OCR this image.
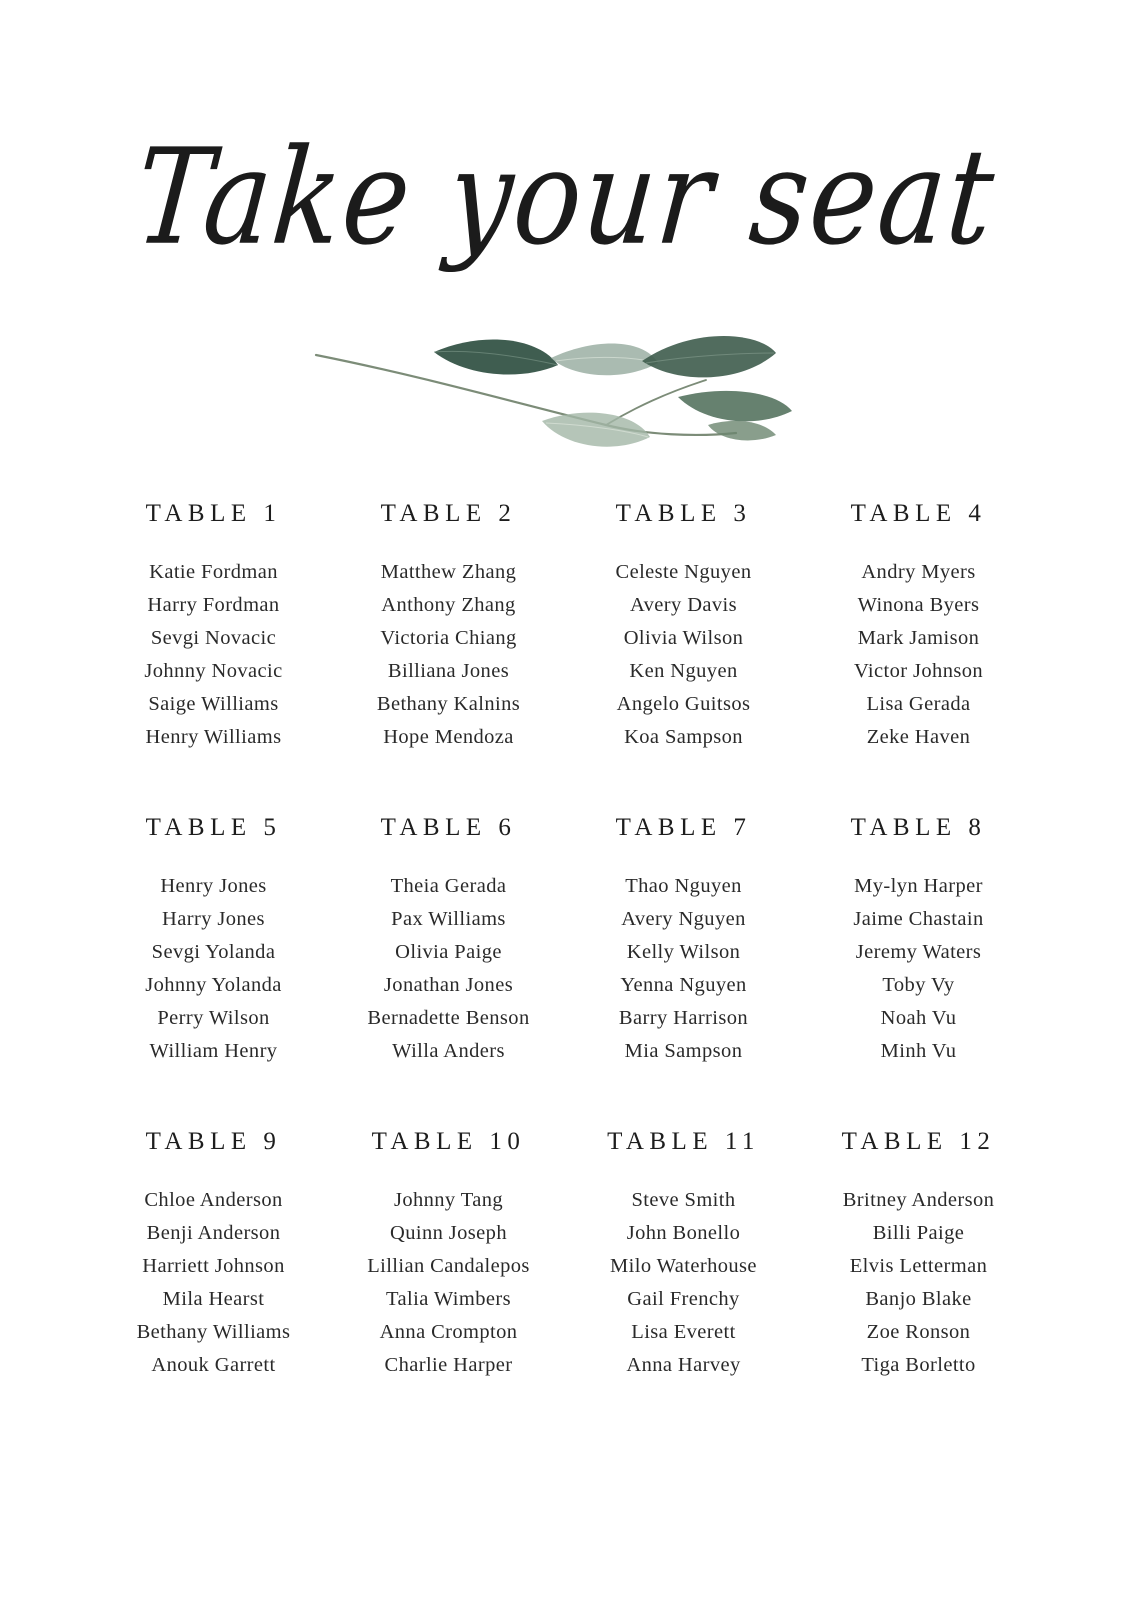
Take your seat
TABLE 1
Katie Fordman
Harry Fordman
Sevgi Novacic
Johnny Novacic
Saige Williams
Henry Williams
TABLE 2
Matthew Zhang
Anthony Zhang
Victoria Chiang
Billiana Jones
Bethany Kalnins
Hope Mendoza
TABLE 3
Celeste Nguyen
Avery Davis
Olivia Wilson
Ken Nguyen
Angelo Guitsos
Koa Sampson
TABLE 4
Andry Myers
Winona Byers
Mark Jamison
Victor Johnson
Lisa Gerada
Zeke Haven
TABLE 5
Henry Jones
Harry Jones
Sevgi Yolanda
Johnny Yolanda
Perry Wilson
William Henry
TABLE 6
Theia Gerada
Pax Williams
Olivia Paige
Jonathan Jones
Bernadette Benson
Willa Anders
TABLE 7
Thao Nguyen
Avery Nguyen
Kelly Wilson
Yenna Nguyen
Barry Harrison
Mia Sampson
TABLE 8
My-lyn Harper
Jaime Chastain
Jeremy Waters
Toby Vy
Noah Vu
Minh Vu
TABLE 9
Chloe Anderson
Benji Anderson
Harriett Johnson
Mila Hearst
Bethany Williams
Anouk Garrett
TABLE 10
Johnny Tang
Quinn Joseph
Lillian Candalepos
Talia Wimbers
Anna Crompton
Charlie Harper
TABLE 11
Steve Smith
John Bonello
Milo Waterhouse
Gail Frenchy
Lisa Everett
Anna Harvey
TABLE 12
Britney Anderson
Billi Paige
Elvis Letterman
Banjo Blake
Zoe Ronson
Tiga Borletto
